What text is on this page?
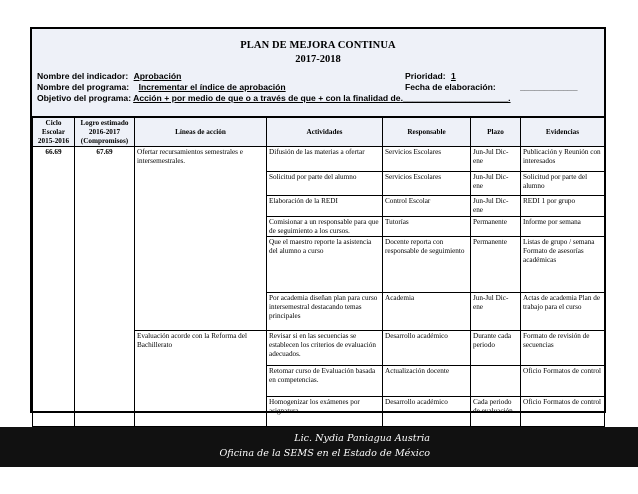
PLAN DE MEJORA CONTINUA
2017-2018
Nombre del indicador: Aprobación	Prioridad: 1
Nombre del programa: Incrementar el índice de aprobación	Fecha de elaboración:	____________
Objetivo del programa: Acción + por medio de que o a través de que + con la finalidad de.______________________.
Ciclo Escolar 2015-2016	Logro estimado 2016-2017 (Compromisos)	Líneas de acción	Actividades	Responsable	Plazo	Evidencias
66.69	67.69	Ofertar recursamientos semestrales e intersemestrales.	Difusión de las materias a ofertar	Servicios Escolares	Jun-Jul Dic-ene	Publicación y Reunión con interesados
			Solicitud por parte del alumno	Servicios Escolares	Jun-Jul Dic-ene	Solicitud por parte del alumno
			Elaboración de la REDI	Control Escolar	Jun-Jul Dic-ene	REDI 1 por grupo
			Comisionar a un responsable para que de seguimiento a los cursos.	Tutorías	Permanente	Informe por semana
			Que el maestro reporte la asistencia del alumno a curso	Docente reporta con responsable de seguimiento	Permanente	Listas de grupo / semana Formato de asesorías académicas
			Por academia diseñan plan para curso intersemestral destacando temas principales	Academia	Jun-Jul Dic-ene	Actas de academia Plan de trabajo para el curso
		Evaluación acorde con la Reforma del Bachillerato	Revisar si en las secuencias se establecen los criterios de evaluación adecuados.	Desarrollo académico	Durante cada periodo	Formato de revisión de secuencias
			Retomar curso de Evaluación basada en competencias.	Actualización docente		Oficio Formatos de control
			Homogenizar los exámenes por asignatura	Desarrollo académico	Cada periodo de evaluación	Oficio Formatos de control
Lic. Nydia Paniagua Austria
Oficina de la SEMS en el Estado de México
